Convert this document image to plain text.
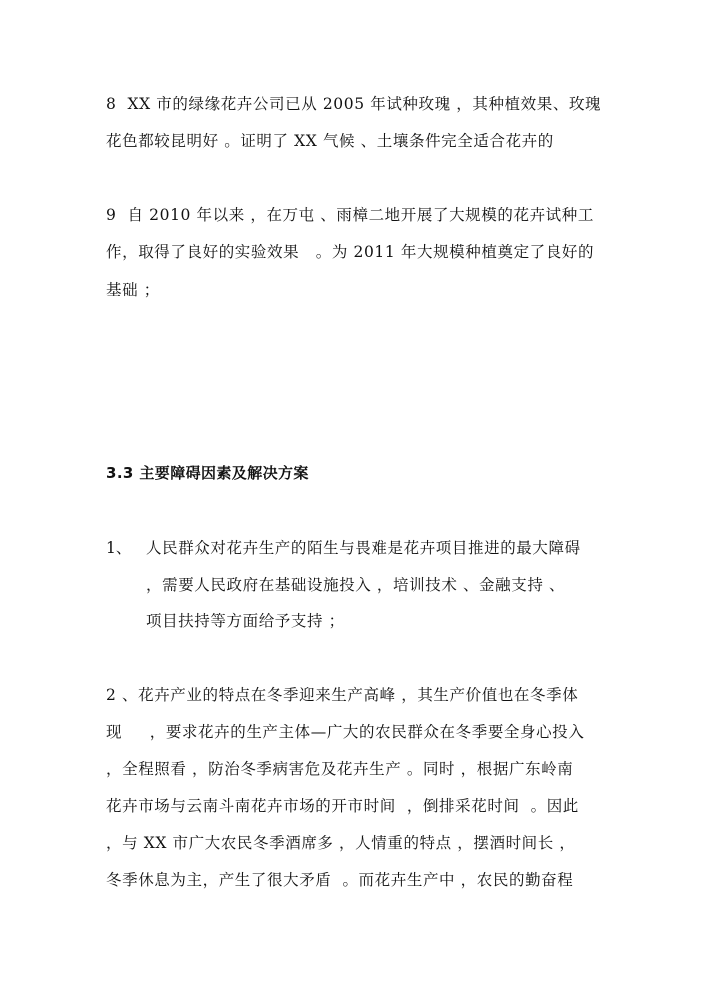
8  XX 市的绿缘花卉公司已从 2005 年试种玫瑰 ，其种植效果、玫瑰
花色都较昆明好 。证明了 XX 气候 、土壤条件完全适合花卉的
9  自 2010 年以来 ，在万屯 、雨樟二地开展了大规模的花卉试种工
作，取得了良好的实验效果   。为 2011 年大规模种植奠定了良好的
基础 ；
3.3 主要障碍因素及解决方案
1、 人民群众对花卉生产的陌生与畏难是花卉项目推进的最大障碍
，需要人民政府在基础设施投入 ，培训技术 、金融支持 、
项目扶持等方面给予支持 ；
2 、花卉产业的特点在冬季迎来生产高峰 ，其生产价值也在冬季体
现     ，要求花卉的生产主体—广大的农民群众在冬季要全身心投入
，全程照看 ，防治冬季病害危及花卉生产 。同时 ，根据广东岭南
花卉市场与云南斗南花卉市场的开市时间  ，倒排采花时间  。因此
，与 XX 市广大农民冬季酒席多 ，人情重的特点 ，摆酒时间长 ，
冬季休息为主，产生了很大矛盾  。而花卉生产中 ，农民的勤奋程
